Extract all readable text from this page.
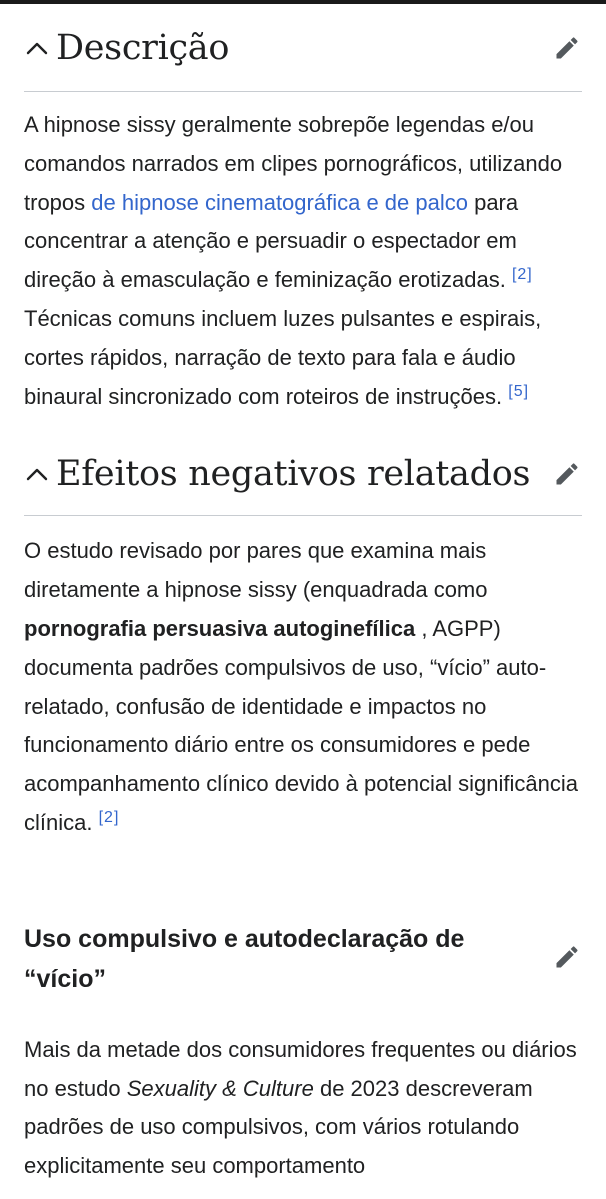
Descrição

A hipnose sissy geralmente sobrepõe legendas e/ou comandos narrados em clipes pornográficos, utilizando tropos de hipnose cinematográfica e de palco para concentrar a atenção e persuadir o espectador em direção à emasculação e feminização erotizadas. [2] Técnicas comuns incluem luzes pulsantes e espirais, cortes rápidos, narração de texto para fala e áudio binaural sincronizado com roteiros de instruções. [5]

Efeitos negativos relatados

O estudo revisado por pares que examina mais diretamente a hipnose sissy (enquadrada como pornografia persuasiva autoginefílica , AGPP) documenta padrões compulsivos de uso, “vício” auto-relatado, confusão de identidade e impactos no funcionamento diário entre os consumidores e pede acompanhamento clínico devido à potencial significância clínica. [2]

Uso compulsivo e autodeclaração de “vício”

Mais da metade dos consumidores frequentes ou diários no estudo Sexuality & Culture de 2023 descreveram padrões de uso compulsivos, com vários rotulando explicitamente seu comportamento
